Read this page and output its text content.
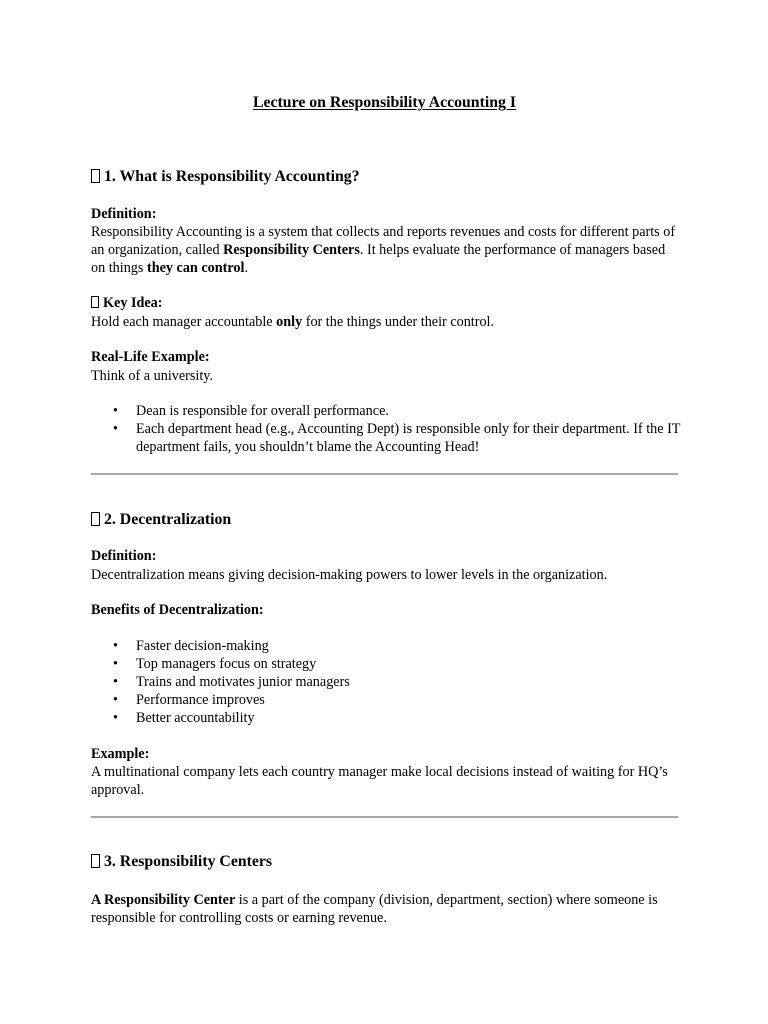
Lecture on Responsibility Accounting I
1. What is Responsibility Accounting?
Definition:
Responsibility Accounting is a system that collects and reports revenues and costs for different parts of an organization, called Responsibility Centers. It helps evaluate the performance of managers based on things they can control.
Key Idea:
Hold each manager accountable only for the things under their control.
Real-Life Example:
Think of a university.
• Dean is responsible for overall performance.
• Each department head (e.g., Accounting Dept) is responsible only for their department. If the IT department fails, you shouldn’t blame the Accounting Head!
2. Decentralization
Definition:
Decentralization means giving decision-making powers to lower levels in the organization.
Benefits of Decentralization:
• Faster decision-making
• Top managers focus on strategy
• Trains and motivates junior managers
• Performance improves
• Better accountability
Example:
A multinational company lets each country manager make local decisions instead of waiting for HQ’s approval.
3. Responsibility Centers
A Responsibility Center is a part of the company (division, department, section) where someone is responsible for controlling costs or earning revenue.
